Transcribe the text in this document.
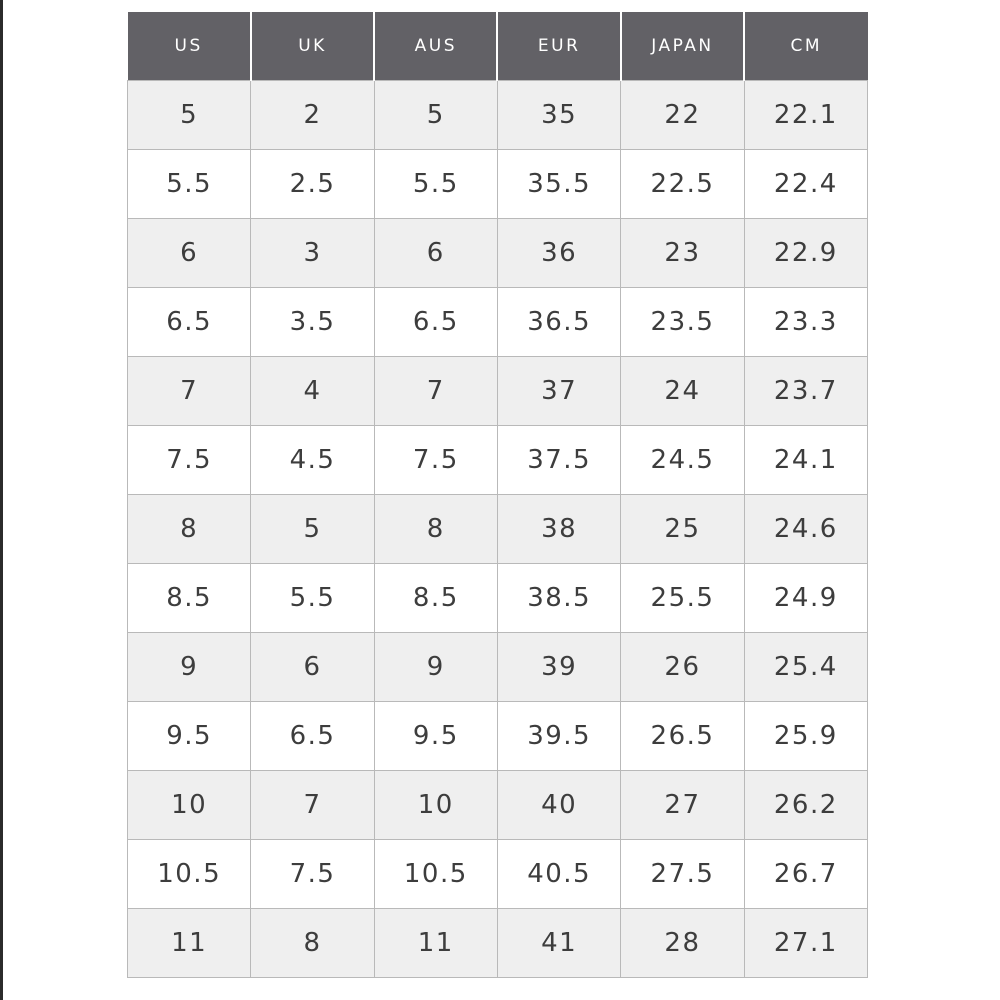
US	UK	AUS	EUR	JAPAN	CM
5	2	5	35	22	22.1
5.5	2.5	5.5	35.5	22.5	22.4
6	3	6	36	23	22.9
6.5	3.5	6.5	36.5	23.5	23.3
7	4	7	37	24	23.7
7.5	4.5	7.5	37.5	24.5	24.1
8	5	8	38	25	24.6
8.5	5.5	8.5	38.5	25.5	24.9
9	6	9	39	26	25.4
9.5	6.5	9.5	39.5	26.5	25.9
10	7	10	40	27	26.2
10.5	7.5	10.5	40.5	27.5	26.7
11	8	11	41	28	27.1
